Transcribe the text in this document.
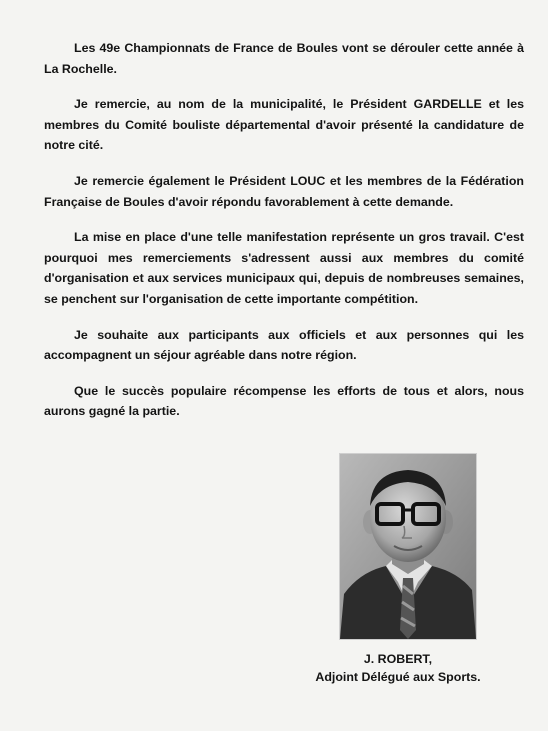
Les 49e Championnats de France de Boules vont se dérouler cette année à La Rochelle.

Je remercie, au nom de la municipalité, le Président GARDELLE et les membres du Comité bouliste départemental d'avoir présenté la candidature de notre cité.

Je remercie également le Président LOUC et les membres de la Fédération Française de Boules d'avoir répondu favorablement à cette demande.

La mise en place d'une telle manifestation représente un gros travail. C'est pourquoi mes remerciements s'adressent aussi aux membres du comité d'organisation et aux services municipaux qui, depuis de nombreuses semaines, se penchent sur l'organisation de cette importante compétition.

Je souhaite aux participants aux officiels et aux personnes qui les accompagnent un séjour agréable dans notre région.

Que le succès populaire récompense les efforts de tous et alors, nous aurons gagné la partie.

J. ROBERT,
Adjoint Délégué aux Sports.
